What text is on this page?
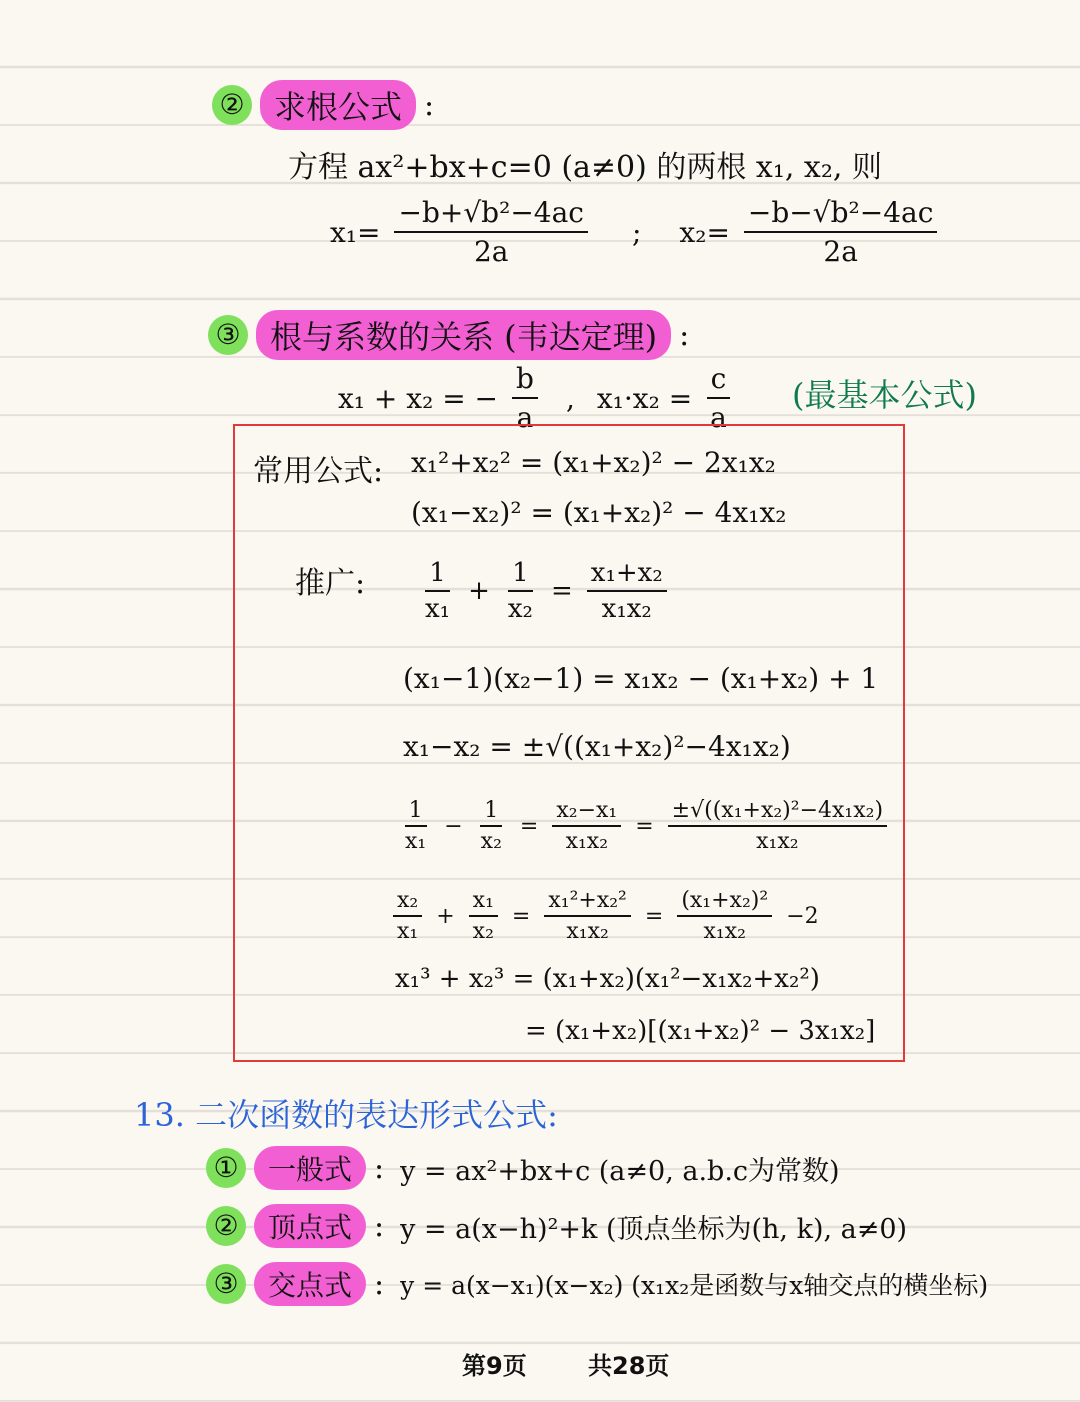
② 求根公式 :
方程 ax²+bx+c=0 (a≠0) 的两根 x₁, x₂, 则
$x_1= \frac{\text{−b+√b²−4ac}}{2a}$ ; $x_2= \frac{\text{−b−√b²−4ac}}{2a}$
③ 根与系数的关系 (韦达定理) :
x₁ + x₂ = − $\frac{b}{a}$ , $x_1\cdot x_2 = \frac{c}{a}$ (最基本公式)
常用公式: x₁²+x₂² = (x₁+x₂)² − 2x₁x₂
(x₁−x₂)² = (x₁+x₂)² − 4x₁x₂
推广: $\frac{1}{\text{x₁}} + \frac{1}{\text{x₂}} = \frac{\text{x₁+x₂}}{\text{x₁x₂}}$
(x₁−1)(x₂−1) = x₁x₂ − (x₁+x₂) + 1
x₁−x₂ = ±√((x₁+x₂)²−4x₁x₂)
$\frac{1}{\text{x₁}} - \frac{1}{\text{x₂}} = \frac{\text{x₂−x₁}}{\text{x₁x₂}} = \frac{\text{±√((x₁+x₂)²−4x₁x₂)}}{\text{x₁x₂}}$
$\frac{\text{x₂}}{\text{x₁}} + \frac{\text{x₁}}{\text{x₂}} = \frac{\text{x₁²+x₂²}}{\text{x₁x₂}} = \frac{\text{(x₁+x₂)²}}{\text{x₁x₂}} -2$
x₁³ + x₂³ = (x₁+x₂)(x₁²−x₁x₂+x₂²)
= (x₁+x₂)[(x₁+x₂)² − 3x₁x₂]
13. 二次函数的表达形式公式:
①	一般式 : y = ax²+bx+c (a≠0, a.b.c为常数)
②	顶点式 : y = a(x−h)²+k (顶点坐标为(h, k), a≠0)
③	交点式 : y = a(x−x₁)(x−x₂) (x₁x₂是函数与x轴交点的横坐标)
第9页	共28页
